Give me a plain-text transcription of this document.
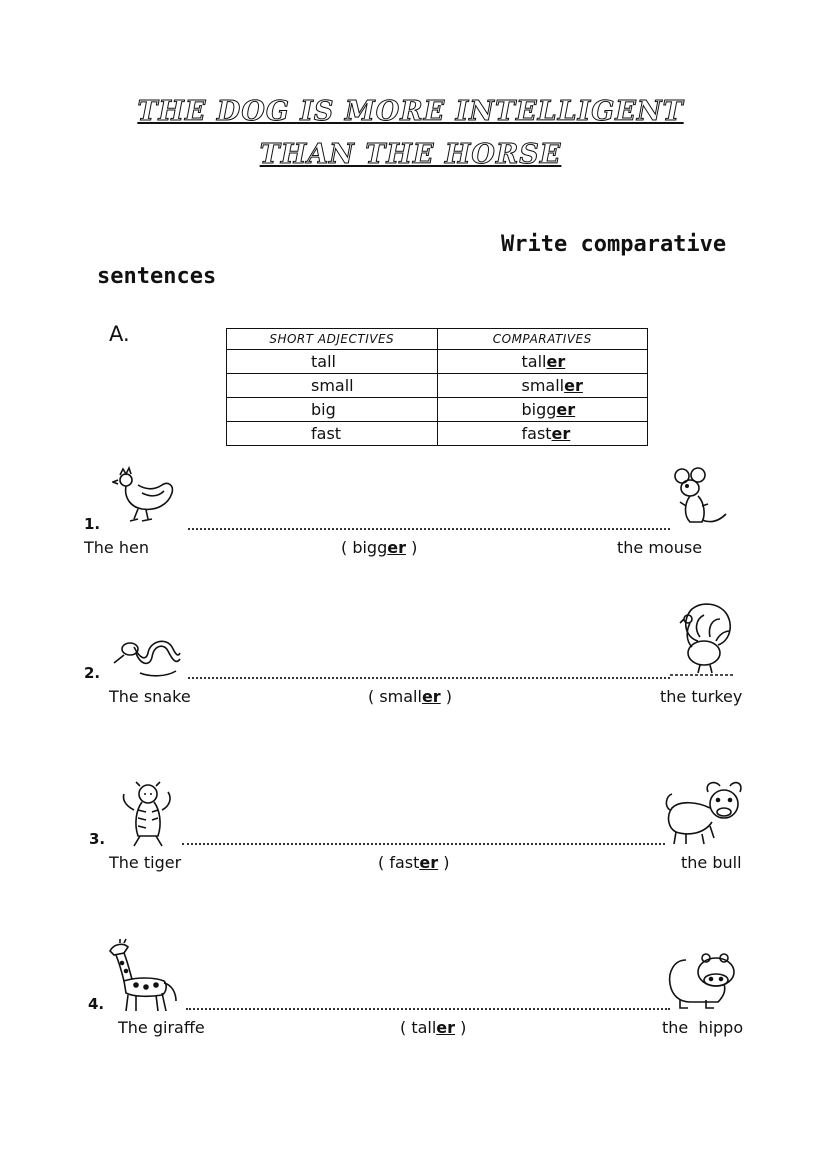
THE DOG IS MORE INTELLIGENT
THAN THE HORSE
Write comparative
sentences
A.	SHORT ADJECTIVES	COMPARATIVES
tall	taller
small	smaller
big	bigger
fast	faster
1.
The hen	( bigger )	the mouse
2.
The snake	( smaller )	the turkey
3.
The tiger	( faster )	the bull
4.
The giraffe	( taller )	the  hippo
